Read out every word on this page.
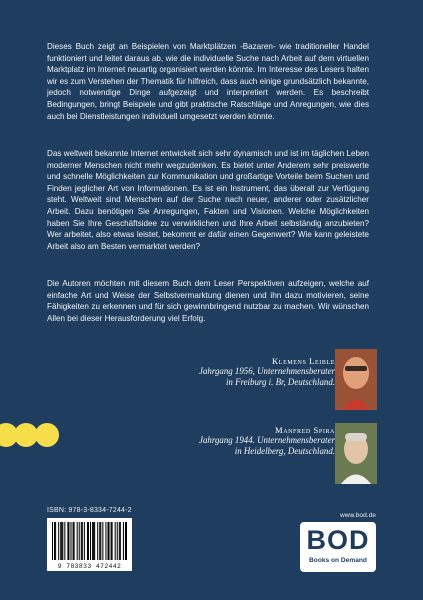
Dieses Buch zeigt an Beispielen von Marktplätzen -Bazaren- wie traditioneller Handel funktioniert und leitet daraus ab, wie die individuelle Suche nach Arbeit auf dem virtuellen Marktplatz im Internet neuartig organisiert werden könnte. Im Interesse des Lesers halten wir es zum Verstehen der Thematik für hilfreich, dass auch einige grundsätzlich bekannte, jedoch notwendige Dinge aufgezeigt und interpretiert werden. Es beschreibt Bedingungen, bringt Beispiele und gibt praktische Ratschläge und Anregungen, wie dies auch bei Dienstleistungen individuell umgesetzt werden könnte.

Das weltweit bekannte Internet entwickelt sich sehr dynamisch und ist im täglichen Leben moderner Menschen nicht mehr wegzudenken. Es bietet unter Anderem sehr preiswerte und schnelle Möglichkeiten zur Kommunikation und großartige Vorteile beim Suchen und Finden jeglicher Art von Informationen. Es ist ein Instrument, das überall zur Verfügung steht. Weltweit sind Menschen auf der Suche nach neuer, anderer oder zusätzlicher Arbeit. Dazu benötigen Sie Anregungen, Fakten und Visionen. Welche Möglichkeiten haben Sie Ihre Geschäftsidee zu verwirklichen und Ihre Arbeit selbständig anzubieten? Wer arbeitet, also etwas leistet, bekommt er dafür einen Gegenwert? Wie kann geleistete Arbeit also am Besten vermarktet werden?

Die Autoren möchten mit diesem Buch dem Leser Perspektiven aufzeigen, welche auf einfache Art und Weise der Selbstvermarktung dienen und ihn dazu motivieren, seine Fähigkeiten zu erkennen und für sich gewinnbringend nutzbar zu machen. Wir wünschen Allen bei dieser Herausforderung viel Erfolg.

Klemens Leible
Jahrgang 1956, Unternehmensberater
in Freiburg i. Br, Deutschland.
Manfred Spira
Jahrgang 1944. Unternehmensberater
in Heidelberg, Deutschland.
ISBN: 978-3-8334-7244-2
9 783833 472442
www.bod.de
BOD
Books on Demand
